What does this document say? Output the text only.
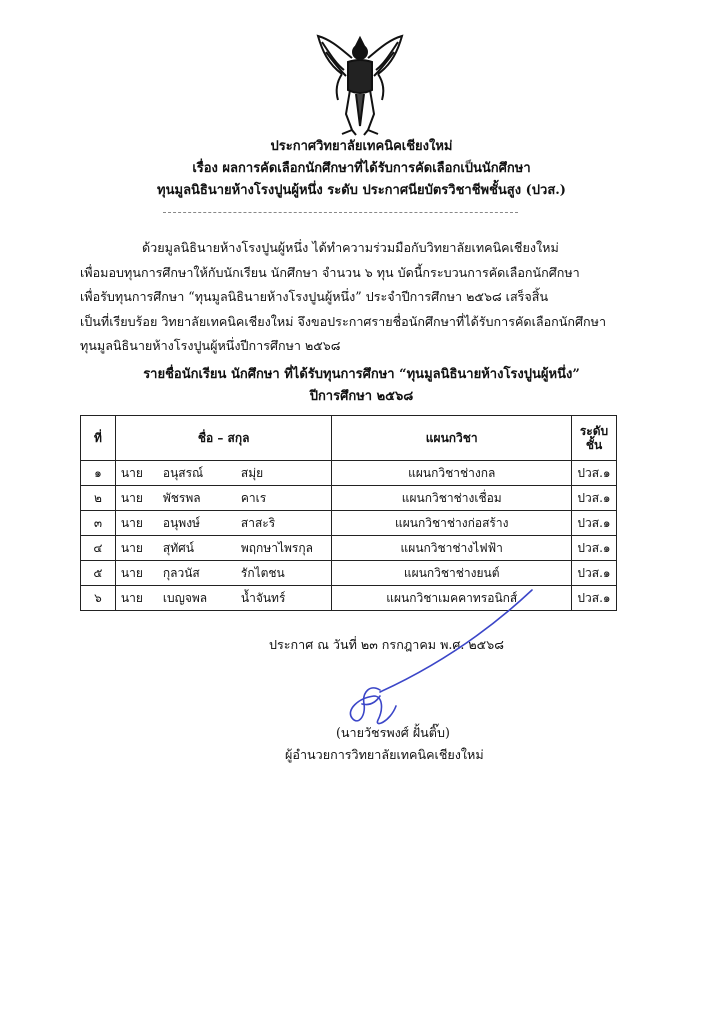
ประกาศวิทยาลัยเทคนิคเชียงใหม่
เรื่อง ผลการคัดเลือกนักศึกษาที่ได้รับการคัดเลือกเป็นนักศึกษา
ทุนมูลนิธินายห้างโรงปูนผู้หนึ่ง ระดับ ประกาศนียบัตรวิชาชีพชั้นสูง (ปวส.)
ด้วยมูลนิธินายห้างโรงปูนผู้หนึ่ง ได้ทำความร่วมมือกับวิทยาลัยเทคนิคเชียงใหม่
เพื่อมอบทุนการศึกษาให้กับนักเรียน นักศึกษา จำนวน ๖ ทุน บัดนี้กระบวนการคัดเลือกนักศึกษา
เพื่อรับทุนการศึกษา “ทุนมูลนิธินายห้างโรงปูนผู้หนึ่ง” ประจำปีการศึกษา ๒๕๖๘ เสร็จสิ้น
เป็นที่เรียบร้อย วิทยาลัยเทคนิคเชียงใหม่ จึงขอประกาศรายชื่อนักศึกษาที่ได้รับการคัดเลือกนักศึกษา
ทุนมูลนิธินายห้างโรงปูนผู้หนึ่งปีการศึกษา ๒๕๖๘
รายชื่อนักเรียน นักศึกษา ที่ได้รับทุนการศึกษา “ทุนมูลนิธินายห้างโรงปูนผู้หนึ่ง”
ปีการศึกษา ๒๕๖๘
ที่	ชื่อ – สกุล	แผนกวิชา	ระดับชั้น
๑	นาย อนุสรณ์ สมุ่ย	แผนกวิชาช่างกล	ปวส.๑
๒	นาย พัชรพล คาเร	แผนกวิชาช่างเชื่อม	ปวส.๑
๓	นาย อนุพงษ์ สาสะริ	แผนกวิชาช่างก่อสร้าง	ปวส.๑
๔	นาย สุทัศน์ พฤกษาไพรกุล	แผนกวิชาช่างไฟฟ้า	ปวส.๑
๕	นาย กุลวนัส รักไตชน	แผนกวิชาช่างยนต์	ปวส.๑
๖	นาย เบญจพล น้ำจันทร์	แผนกวิชาเมคคาทรอนิกส์	ปวส.๑
ประกาศ ณ วันที่ ๒๓ กรกฎาคม พ.ศ. ๒๕๖๘
(นายวัชรพงศ์ ฝั้นติ๊บ)
ผู้อำนวยการวิทยาลัยเทคนิคเชียงใหม่
